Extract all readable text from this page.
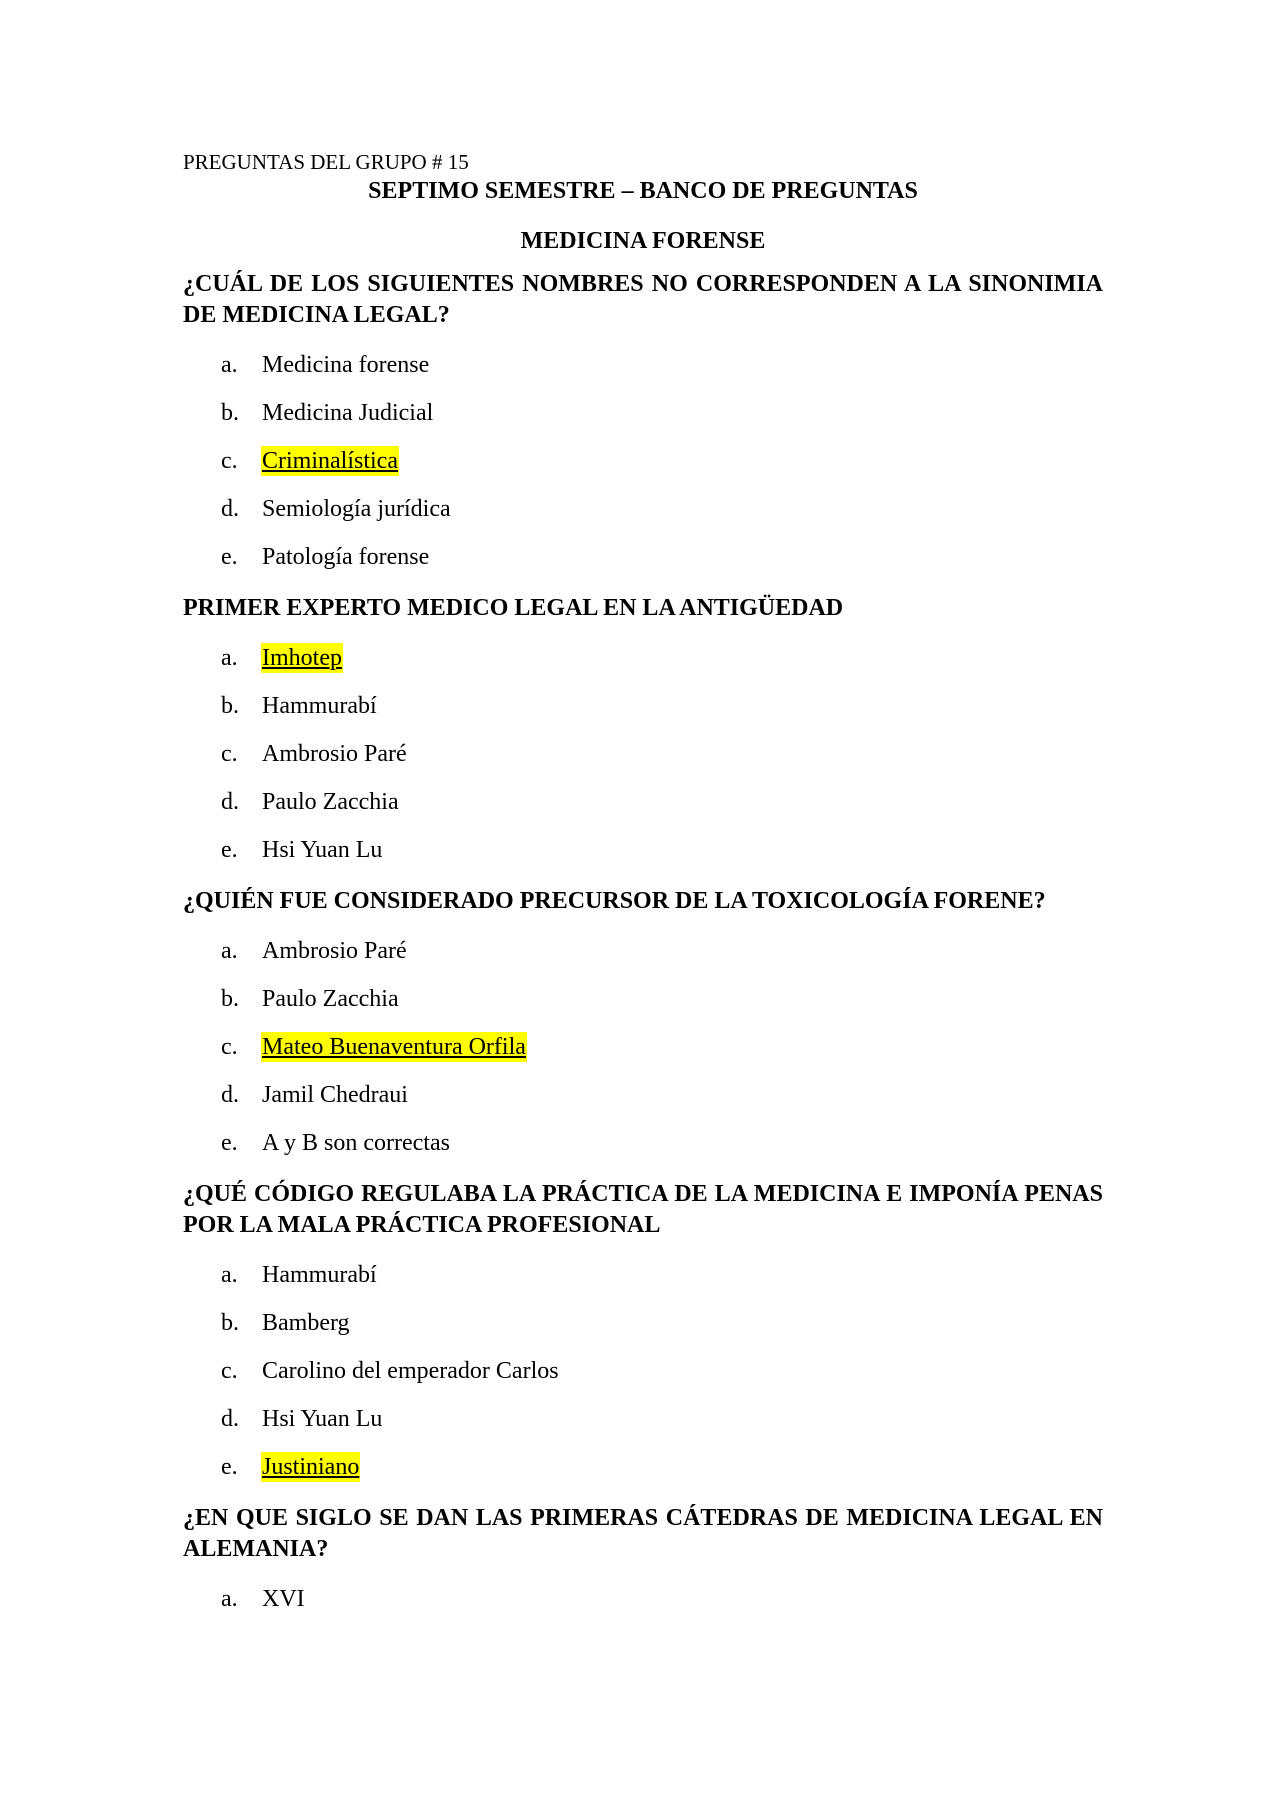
PREGUNTAS DEL GRUPO # 15

SEPTIMO SEMESTRE – BANCO DE PREGUNTAS

MEDICINA FORENSE

¿CUÁL DE LOS SIGUIENTES NOMBRES NO CORRESPONDEN A LA SINONIMIA DE MEDICINA LEGAL?

a.	Medicina forense
b. Medicina Judicial
c.	Criminalística
d. Semiología jurídica
e.	Patología forense

PRIMER EXPERTO MEDICO LEGAL EN LA ANTIGÜEDAD

a.	Imhotep
b. Hammurabí
c.	Ambrosio Paré
d. Paulo Zacchia
e.	Hsi Yuan Lu

¿QUIÉN FUE CONSIDERADO PRECURSOR DE LA TOXICOLOGÍA FORENE?

a.	Ambrosio Paré
b. Paulo Zacchia
c.	Mateo Buenaventura Orfila
d. Jamil Chedraui
e.	A y B son correctas

¿QUÉ CÓDIGO REGULABA LA PRÁCTICA DE LA MEDICINA E IMPONÍA PENAS POR LA MALA PRÁCTICA PROFESIONAL

a.	Hammurabí
b. Bamberg
c.	Carolino del emperador Carlos
d. Hsi Yuan Lu
e.	Justiniano

¿EN QUE SIGLO SE DAN LAS PRIMERAS CÁTEDRAS DE MEDICINA LEGAL EN ALEMANIA?

a.	XVI
